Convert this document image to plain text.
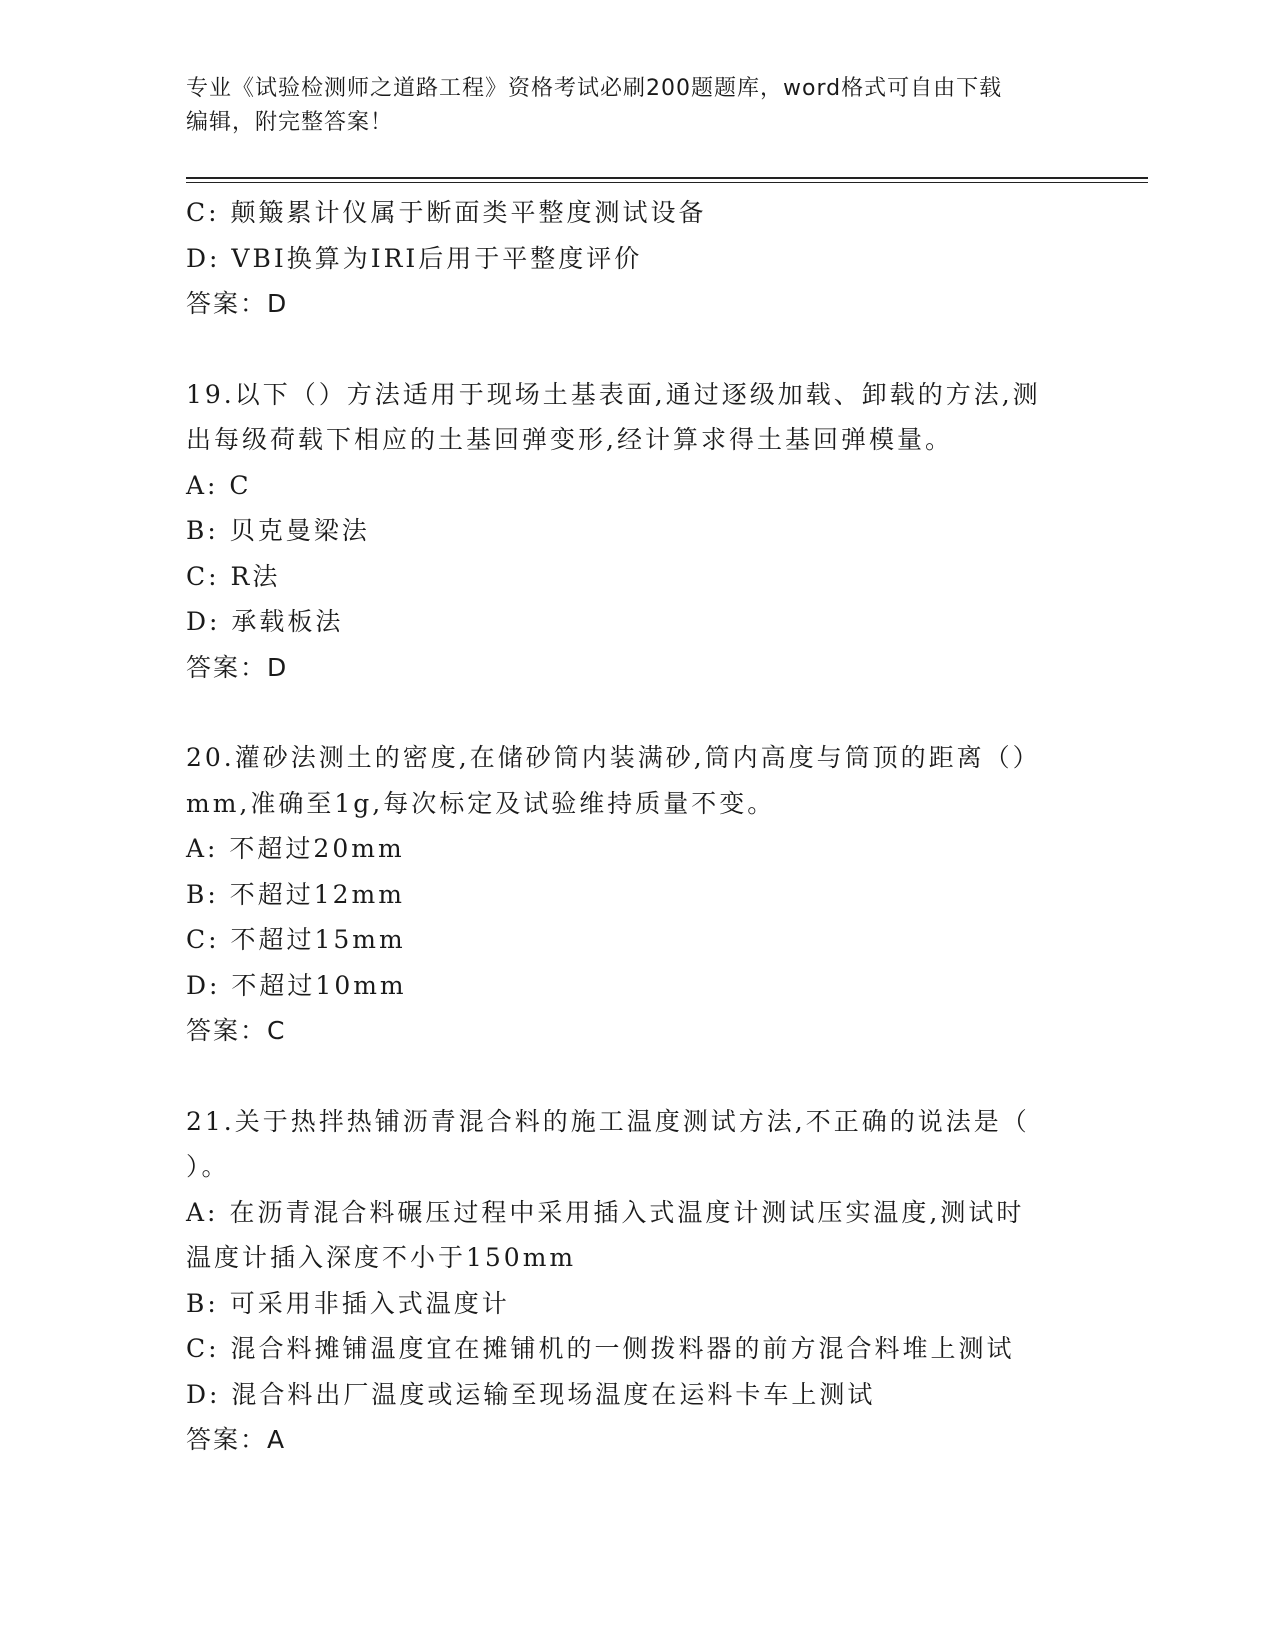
专业《试验检测师之道路工程》资格考试必刷200题题库，word格式可自由下载
编辑，附完整答案！
C: 颠簸累计仪属于断面类平整度测试设备
D: VBI换算为IRI后用于平整度评价
答案：D
19.以下（）方法适用于现场土基表面,通过逐级加载、卸载的方法,测
出每级荷载下相应的土基回弹变形,经计算求得土基回弹模量。
A: C
B: 贝克曼梁法
C: R法
D: 承载板法
答案：D
20.灌砂法测土的密度,在储砂筒内装满砂,筒内高度与筒顶的距离（）
mm,准确至1g,每次标定及试验维持质量不变。
A: 不超过20mm
B: 不超过12mm
C: 不超过15mm
D: 不超过10mm
答案：C
21.关于热拌热铺沥青混合料的施工温度测试方法,不正确的说法是（
）。
A: 在沥青混合料碾压过程中采用插入式温度计测试压实温度,测试时
温度计插入深度不小于150mm
B: 可采用非插入式温度计
C: 混合料摊铺温度宜在摊铺机的一侧拨料器的前方混合料堆上测试
D: 混合料出厂温度或运输至现场温度在运料卡车上测试
答案：A
